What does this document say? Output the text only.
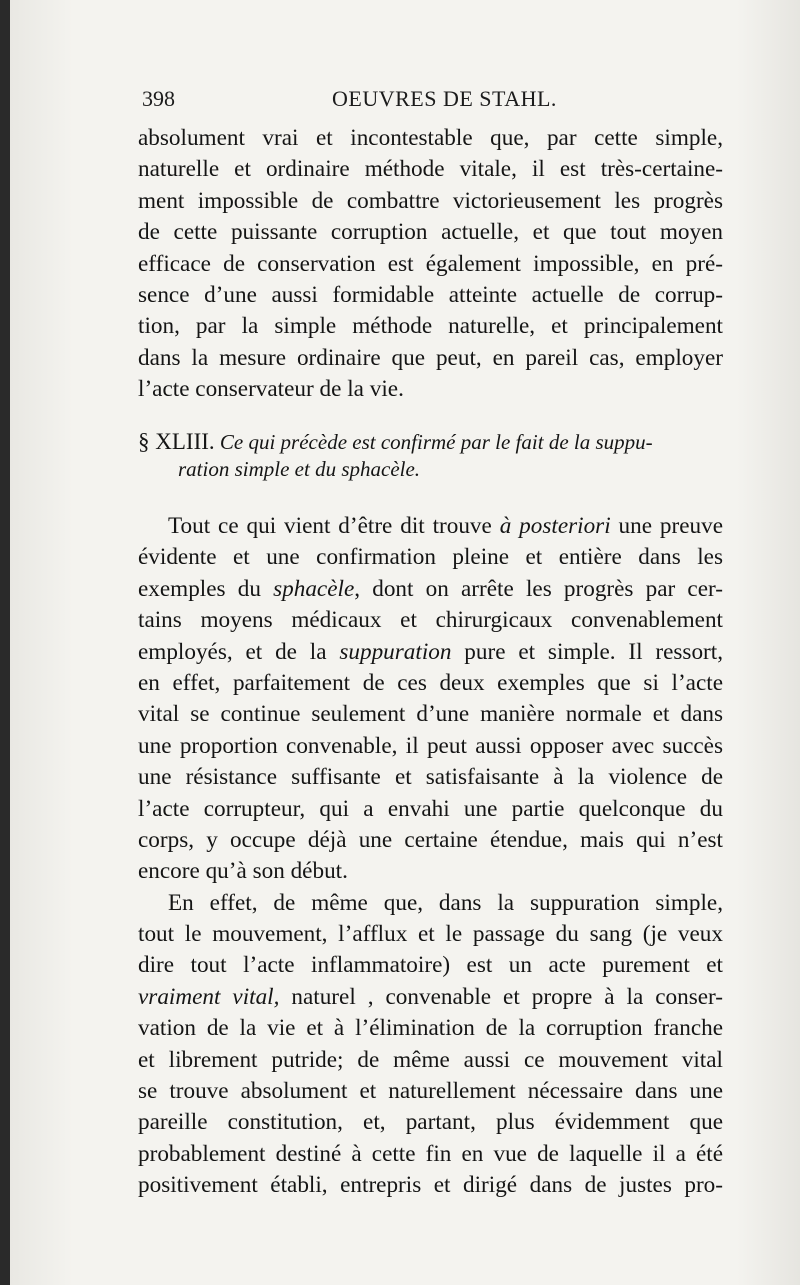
398	OEUVRES DE STAHL.
absolument vrai et incontestable que, par cette simple,
naturelle et ordinaire méthode vitale, il est très-certaine-
ment impossible de combattre victorieusement les progrès
de cette puissante corruption actuelle, et que tout moyen
efficace de conservation est également impossible, en pré-
sence d’une aussi formidable atteinte actuelle de corrup-
tion, par la simple méthode naturelle, et principalement
dans la mesure ordinaire que peut, en pareil cas, employer
l’acte conservateur de la vie.
§ XLIII. Ce qui précède est confirmé par le fait de la suppu-
ration simple et du sphacèle.
Tout ce qui vient d’être dit trouve à posteriori une preuve
évidente et une confirmation pleine et entière dans les
exemples du sphacèle, dont on arrête les progrès par cer-
tains moyens médicaux et chirurgicaux convenablement
employés, et de la suppuration pure et simple. Il ressort,
en effet, parfaitement de ces deux exemples que si l’acte
vital se continue seulement d’une manière normale et dans
une proportion convenable, il peut aussi opposer avec succès
une résistance suffisante et satisfaisante à la violence de
l’acte corrupteur, qui a envahi une partie quelconque du
corps, y occupe déjà une certaine étendue, mais qui n’est
encore qu’à son début.
En effet, de même que, dans la suppuration simple,
tout le mouvement, l’afflux et le passage du sang (je veux
dire tout l’acte inflammatoire) est un acte purement et
vraiment vital, naturel , convenable et propre à la conser-
vation de la vie et à l’élimination de la corruption franche
et librement putride; de même aussi ce mouvement vital
se trouve absolument et naturellement nécessaire dans une
pareille constitution, et, partant, plus évidemment que
probablement destiné à cette fin en vue de laquelle il a été
positivement établi, entrepris et dirigé dans de justes pro-
